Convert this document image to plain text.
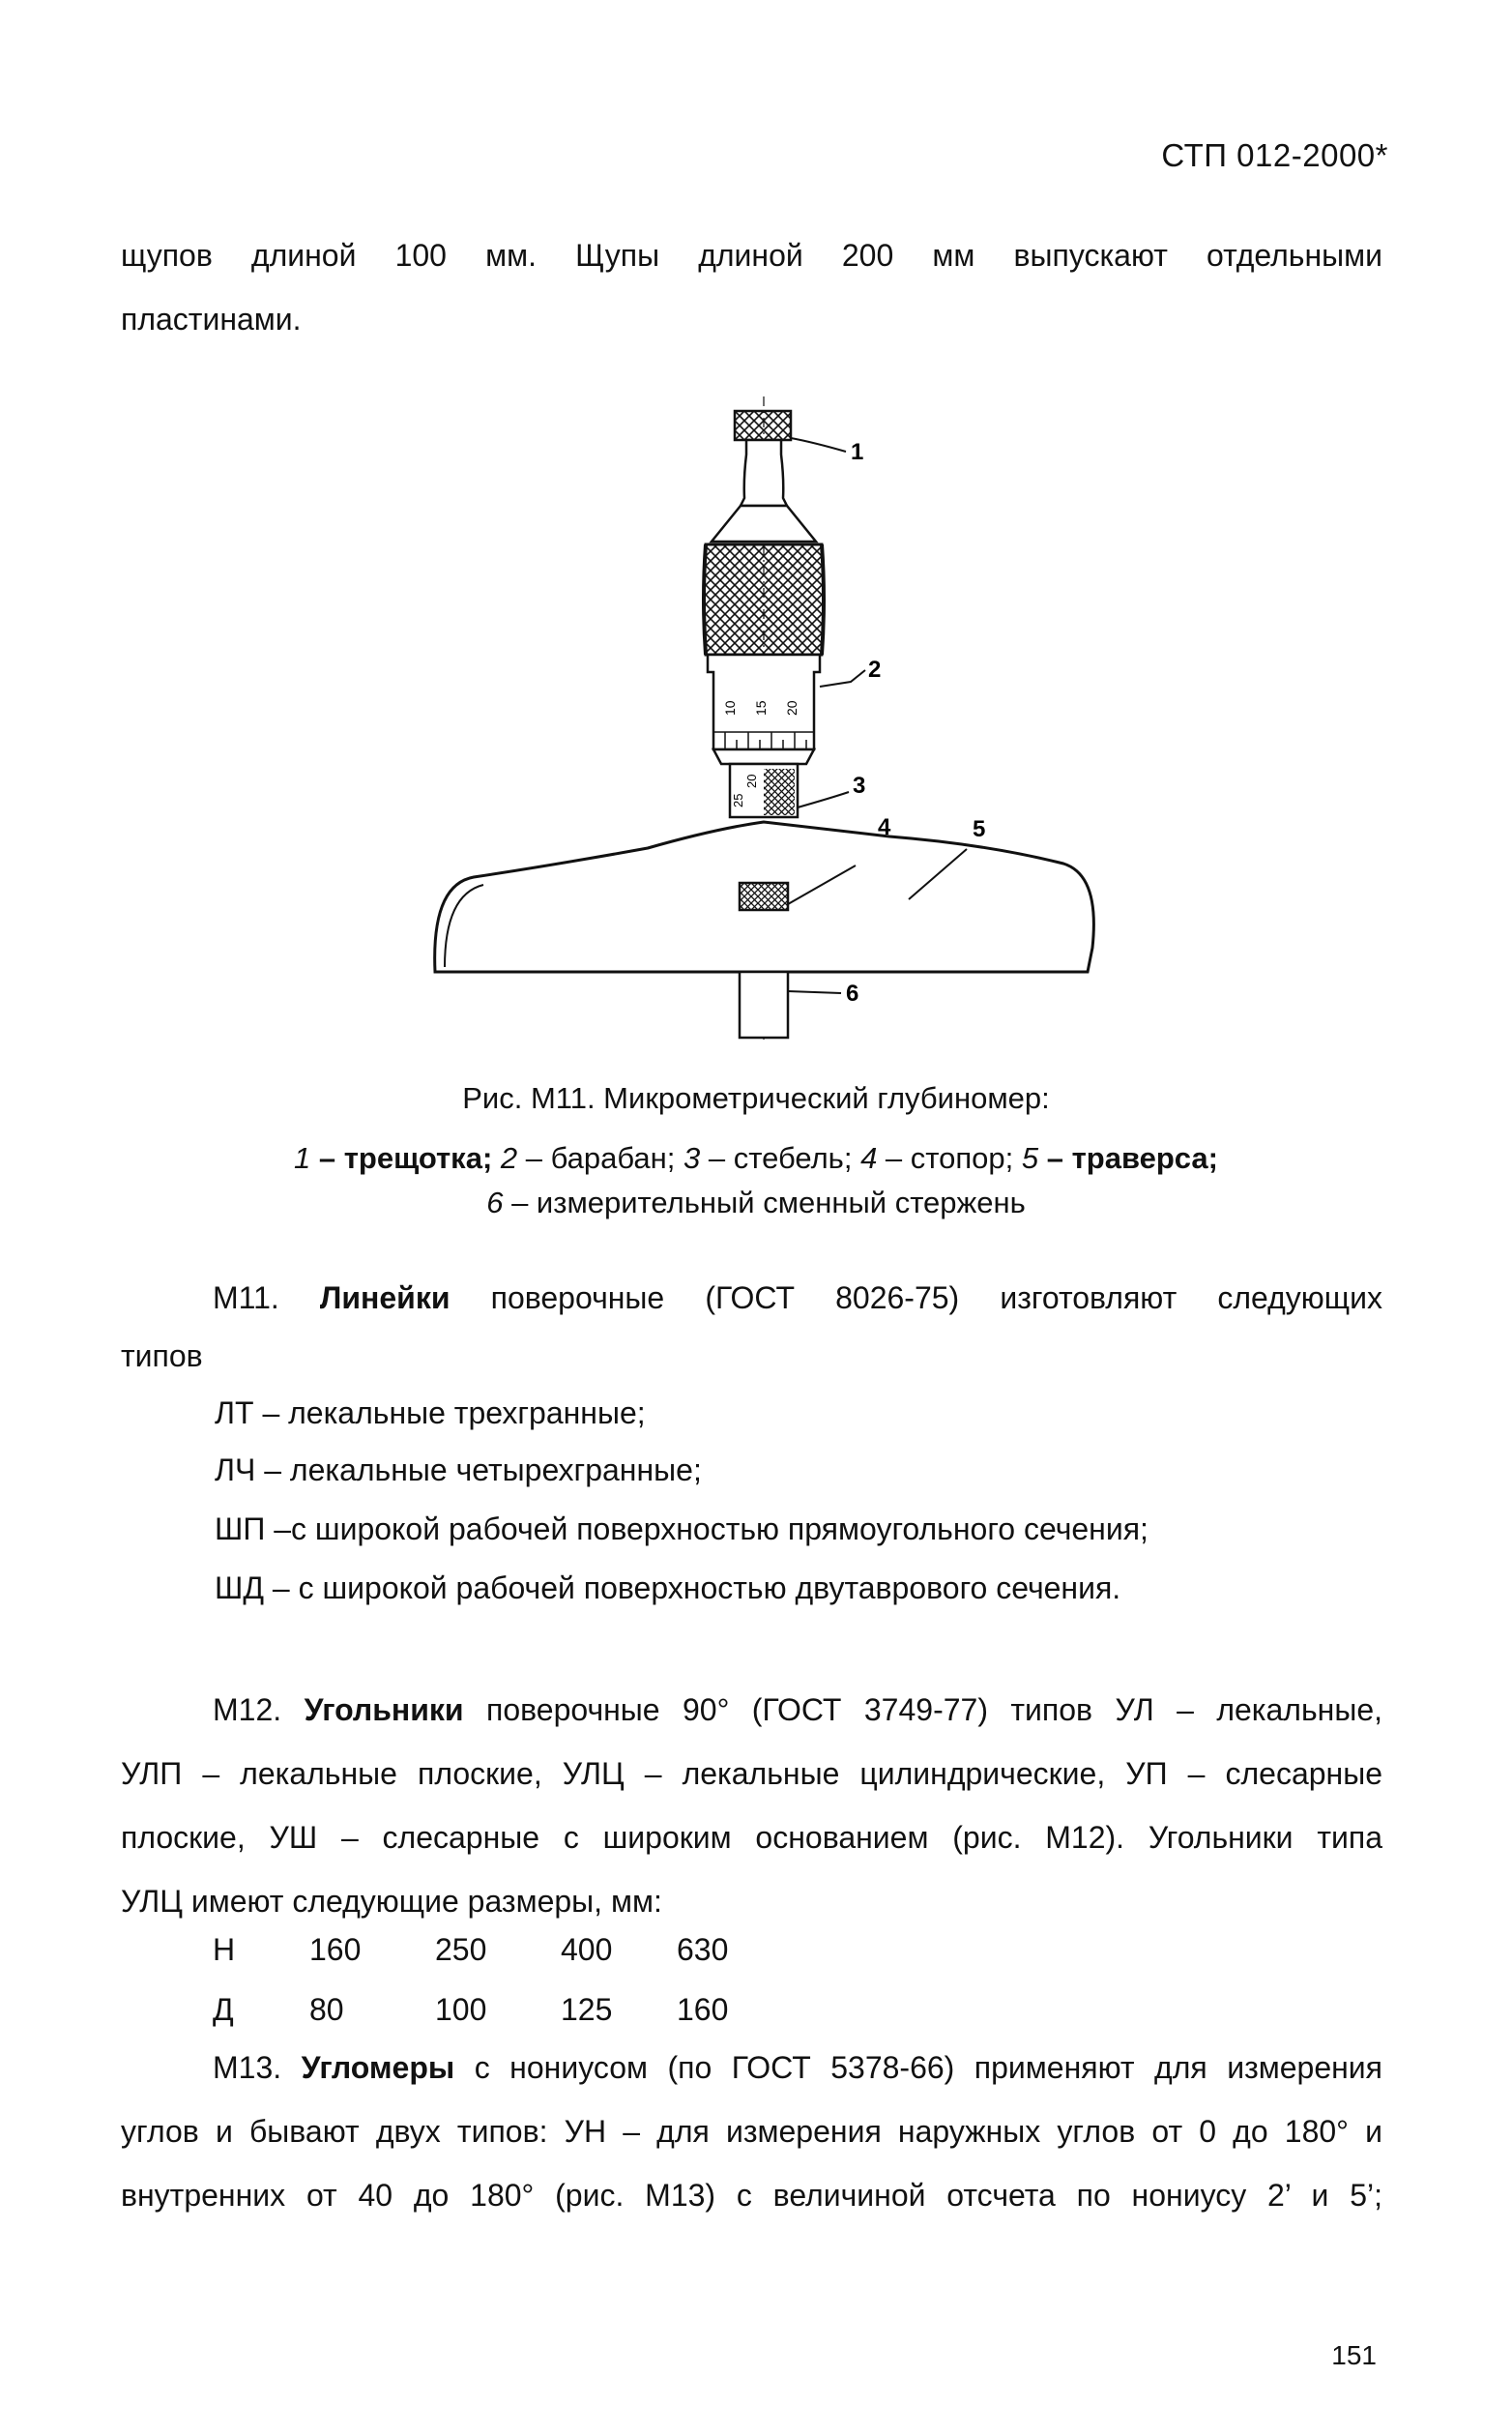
СТП 012-2000*
щупов длиной 100 мм. Щупы длиной 200 мм выпускают отдельными
пластинами.
10 15 20
25
20
1
2
3
4	5
6
Рис. М11. Микрометрический глубиномер:
1 – трещотка; 2 – барабан; 3 – стебель; 4 – стопор; 5 – траверса;
6 – измерительный сменный стержень
М11. Линейки поверочные (ГОСТ 8026-75) изготовляют следующих
типов
ЛТ – лекальные трехгранные;
ЛЧ – лекальные четырехгранные;
ШП –с широкой рабочей поверхностью прямоугольного сечения;
ШД – с широкой рабочей поверхностью двутаврового сечения.
М12. Угольники поверочные 90° (ГОСТ 3749-77) типов УЛ – лекальные,
УЛП – лекальные плоские, УЛЦ – лекальные цилиндрические, УП – слесарные
плоские, УШ – слесарные с широким основанием (рис. М12). Угольники типа
УЛЦ имеют следующие размеры, мм:
Н	160	250	400	630
Д	80	100	125	160
М13. Угломеры с нониусом (по ГОСТ 5378-66) применяют для измерения
углов и бывают двух типов: УН – для измерения наружных углов от 0 до 180° и
внутренних от 40 до 180° (рис. М13) с величиной отсчета по нониусу 2’ и 5’;
151
